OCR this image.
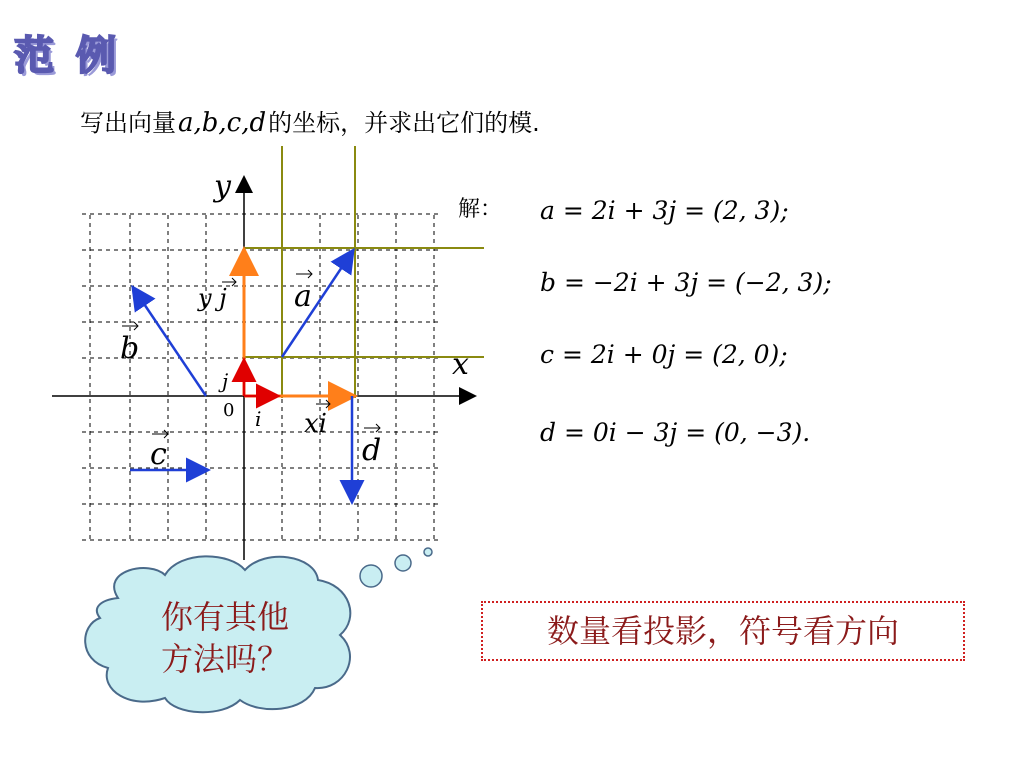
范 例
写出向量a,b,c,d的坐标，并求出它们的模.
y
x
0
a
b
c	d
y j
xi
i
j
你有其他
方法吗？
解： a = 2i + 3j = (2, 3);
b = −2i + 3j = (−2, 3);
c = 2i + 0j = (2, 0);
d = 0i − 3j = (0, −3).
数量看投影，符号看方向
